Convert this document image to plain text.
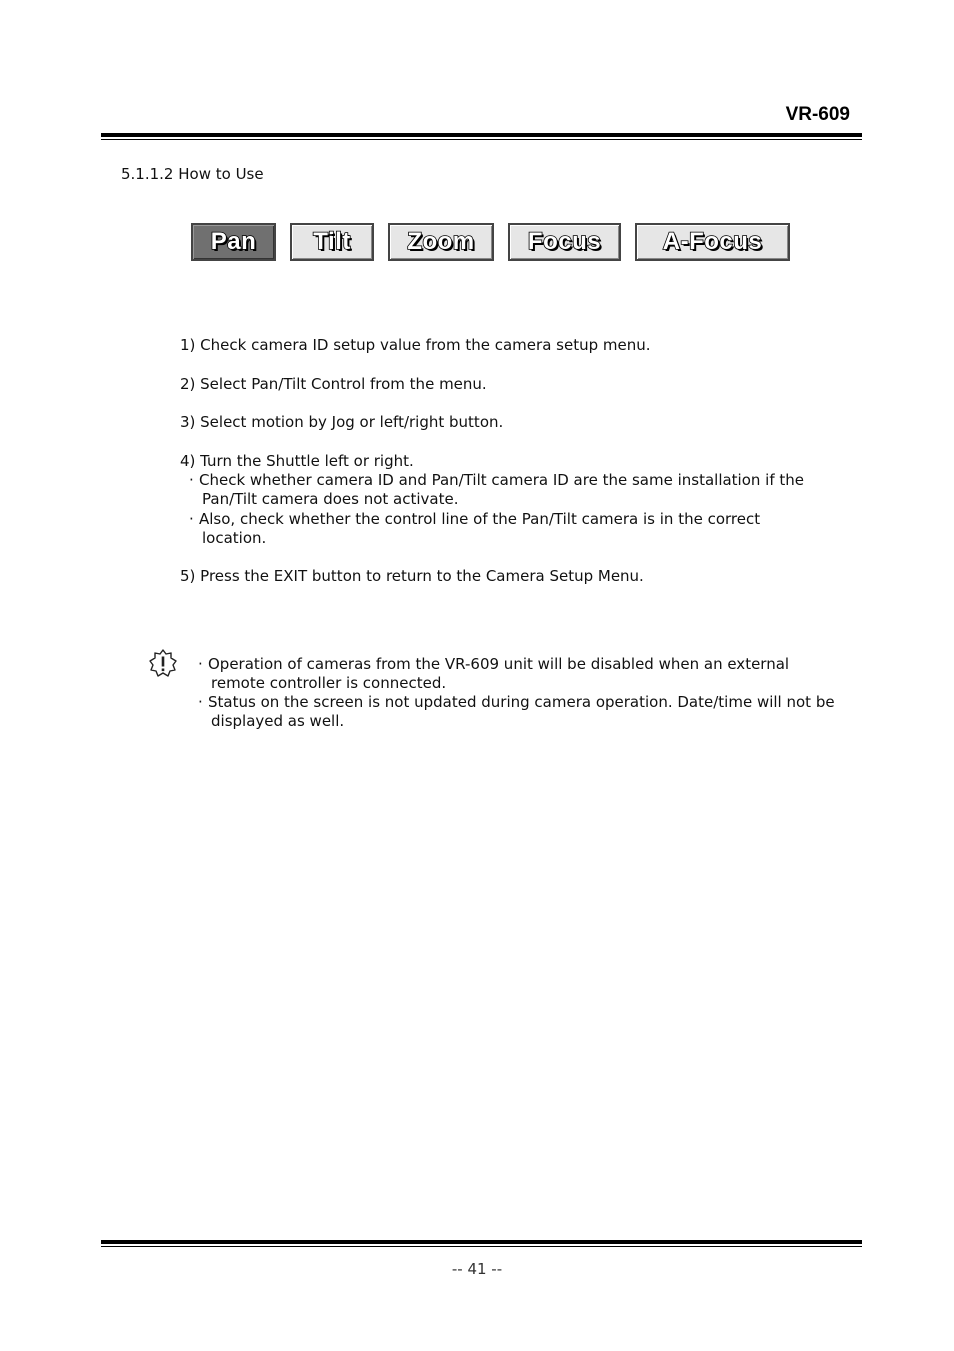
VR-609
5.1.1.2 How to Use
Pan	Tilt	Zoom	Focus	A-Focus
1) Check camera ID setup value from the camera setup menu.
2) Select Pan/Tilt Control from the menu.
3) Select motion by Jog or left/right button.
4) Turn the Shuttle left or right.
· Check whether camera ID and Pan/Tilt camera ID are the same installation if the
Pan/Tilt camera does not activate.
· Also, check whether the control line of the Pan/Tilt camera is in the correct
location.
5) Press the EXIT button to return to the Camera Setup Menu.
· Operation of cameras from the VR-609 unit will be disabled when an external
remote controller is connected.
· Status on the screen is not updated during camera operation. Date/time will not be
displayed as well.
-- 41 --
